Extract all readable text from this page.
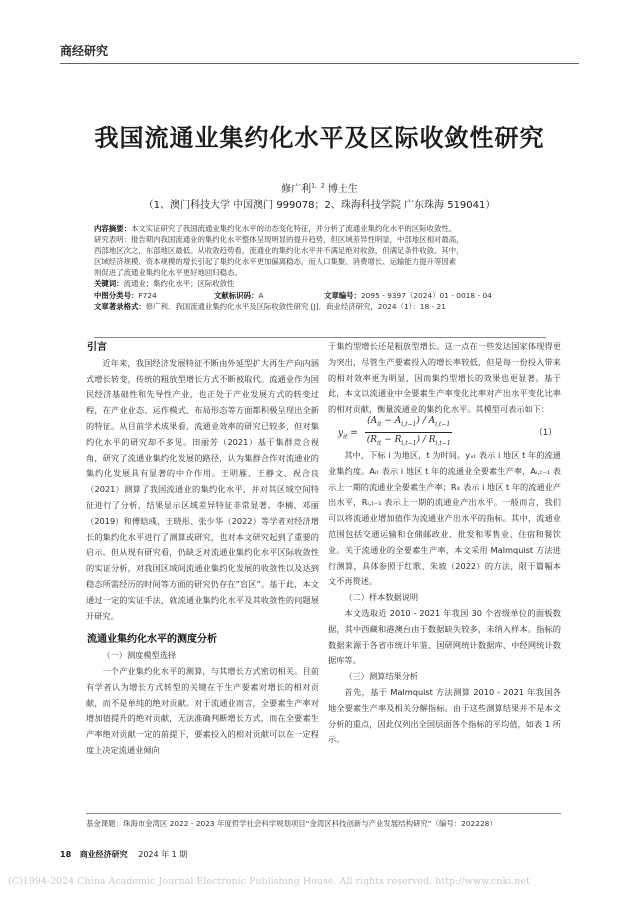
商经研究
我国流通业集约化水平及区际收敛性研究
修广利$^{1,2}$ 博士生
（1、澳门科技大学 中国澳门 999078；2、珠海科技学院 广东珠海 519041）

内容摘要：本文实证研究了我国流通业集约化水平的动态变化特征，并分析了流通业集约化水平的区际收敛性。

研究表明：报告期内我国流通业的集约化水平整体呈现明显的提升趋势，但区域差异性明显，中部地区相对最高，

西部地区次之，东部地区最低。从收敛趋势看，流通业的集约化水平并不满足绝对收敛，但满足条件收敛。其中，

区域经济规模、资本规模的增长引起了集约化水平更加偏离稳态，而人口集聚、消费增长、运输能力提升等因素

则促进了流通业集约化水平更好地回归稳态。

关键词：流通业；集约化水平；区际收敛性

中图分类号：F724	文献标识码：A	文章编号：2095 - 9397（2024）01 - 0018 - 04

文章著录格式：修广利．我国流通业集约化水平及区际收敛性研究 [J]．商业经济研究，2024（1）：18 - 21

引言

近年来，我国经济发展特征不断由外延型扩大再生产向内涵式增长转变，传统的粗放型增长方式不断被取代。流通业作为国民经济基础性和先导性产业，也正处于产业发展方式的转变过程，在产业业态、运作模式、布局形态等方面都积极呈现出全新的特征。从目前学术成果看，流通业效率的研究已较多，但对集约化水平的研究却不多见。田丽芳（2021）基于集群竞合视角，研究了流通业集约化发展的路径，认为集群合作对流通业的集约化发展具有显著的中介作用。王明雁、王静文、祝合良（2021）测算了我国流通业的集约化水平，并对其区域空间特征进行了分析，结果显示区域差异特征非常显著。李楠、邓丽（2019）和傅晗彧、王晓彤、张少华（2022）等学者对经济增长的集约化水平进行了测算或研究，也对本文研究起到了重要的启示。但从现有研究看，仍缺乏对流通业集约化水平区际收敛性的实证分析，对我国区域间流通业集约化发展的收敛性以及达到稳态所需经历的时间等方面的研究仍存在“盲区”。基于此，本文通过一定的实证手法，就流通业集约化水平及其收敛性的问题展开研究。

流通业集约化水平的测度分析

（一）测度模型选择

一个产业集约化水平的测算，与其增长方式密切相关。目前有学者认为增长方式转型的关键在于生产要素对增长的相对贡献，而不是单纯的绝对贡献。对于流通业而言，全要素生产率对增加值提升的绝对贡献，无法准确判断增长方式，而在全要素生产率绝对贡献一定的前提下，要素投入的相对贡献可以在一定程度上决定流通业倾向

于集约型增长还是粗放型增长。这一点在一些发达国家体现得更为突出，尽管生产要素投入的增长率较低，但是每一份投入带来的相对效率更为明显，因而集约型增长的效果也更显著。基于此，本文以流通业中全要素生产率变化比率对产出水平变化比率的相对贡献，衡量流通业的集约化水平。其模型可表示如下：

$y_{it} = \frac{(A_{it} - A_{i,t-1}) / A_{i,t-1}}{(R_{it} - R_{i,t-1}) / R_{i,t-1}}$	（1）

其中，下标 i 为地区，t 为时间。yₓₜ 表示 i 地区 t 年的流通业集约度。Aᵢₜ 表示 i 地区 t 年的流通业全要素生产率，Aᵢ,ₜ₋₁ 表示上一期的流通业全要素生产率；Rᵢₜ 表示 i 地区 t 年的流通业产出水平，Rᵢ,ₜ₋₁ 表示上一期的流通业产出水平。一般而言，我们可以将流通业增加值作为流通业产出水平的指标。其中，流通业范围包括交通运输和仓储邮政业、批发和零售业、住宿和餐饮业。关于流通业的全要素生产率，本文采用 Malmquist 方法进行测算，具体参照于红歌、朱坡（2022）的方法，限于篇幅本文不再赘述。

（二）样本数据说明

本文选取近 2010 - 2021 年我国 30 个省级单位的面板数据，其中西藏和港澳台由于数据缺失较多，未纳入样本。指标的数据来源于各省市统计年鉴、国研网统计数据库、中经网统计数据库等。

（三）测算结果分析

首先，基于 Malmquist 方法测算 2010 - 2021 年我国各地全要素生产率及相关分解指标。由于这些测算结果并不是本文分析的重点，因此仅列出全国层面各个指标的平均值，如表 1 所示。

基金课题：珠海市金湾区 2022 - 2023 年度哲学社会科学规划项目“金湾区科技创新与产业发展结构研究”（编号：202228）
18 商业经济研究 2024 年 1 期
(C)1994-2024 China Academic Journal Electronic Publishing House. All rights reserved. http://www.cnki.net
